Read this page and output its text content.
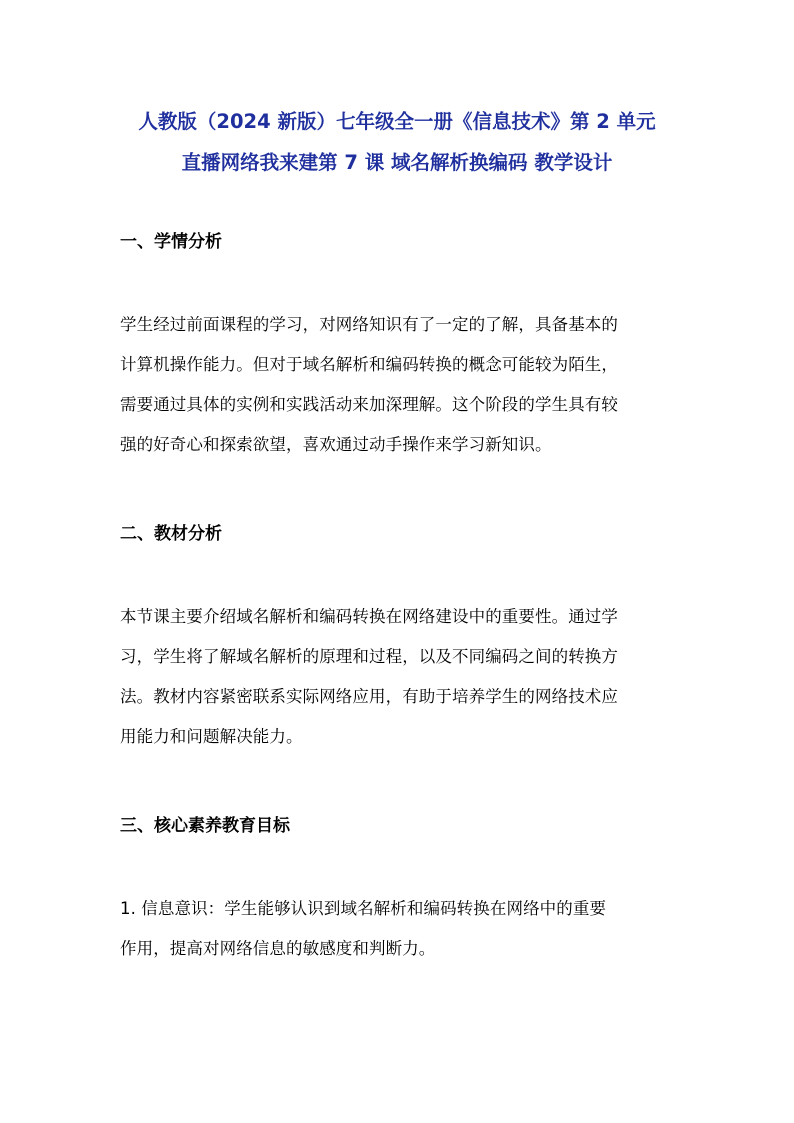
人教版（2024 新版）七年级全一册《信息技术》第 2 单元
直播网络我来建第 7 课 域名解析换编码 教学设计
一、学情分析
学生经过前面课程的学习，对网络知识有了一定的了解，具备基本的
计算机操作能力。但对于域名解析和编码转换的概念可能较为陌生，
需要通过具体的实例和实践活动来加深理解。这个阶段的学生具有较
强的好奇心和探索欲望，喜欢通过动手操作来学习新知识。
二、教材分析
本节课主要介绍域名解析和编码转换在网络建设中的重要性。通过学
习，学生将了解域名解析的原理和过程，以及不同编码之间的转换方
法。教材内容紧密联系实际网络应用，有助于培养学生的网络技术应
用能力和问题解决能力。
三、核心素养教育目标
1. 信息意识：学生能够认识到域名解析和编码转换在网络中的重要
作用，提高对网络信息的敏感度和判断力。
